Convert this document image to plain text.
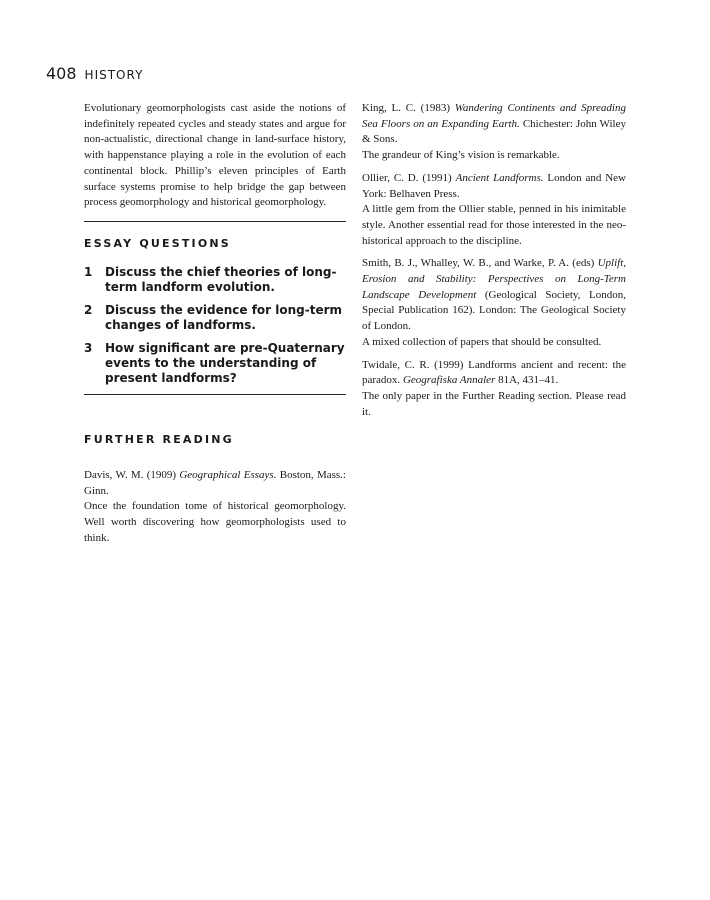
408 HISTORY

Evolutionary geomorphologists cast aside the notions of indefinitely repeated cycles and steady states and argue for non-actualistic, directional change in land-surface history, with happenstance playing a role in the evolution of each continental block. Phillip’s eleven principles of Earth surface systems promise to help bridge the gap between process geomorphology and historical geomorphology.

ESSAY QUESTIONS
1	Discuss the chief theories of long-term landform evolution.
2	Discuss the evidence for long-term changes of landforms.
3	How significant are pre-Quaternary events to the understanding of present landforms?
FURTHER READING

Davis, W. M. (1909) Geographical Essays. Boston, Mass.: Ginn.

Once the foundation tome of historical geomorphology. Well worth discovering how geomorphologists used to think.

King, L. C. (1983) Wandering Continents and Spreading Sea Floors on an Expanding Earth. Chichester: John Wiley & Sons.

The grandeur of King’s vision is remarkable.

Ollier, C. D. (1991) Ancient Landforms. London and New York: Belhaven Press.

A little gem from the Ollier stable, penned in his inimitable style. Another essential read for those interested in the neo-historical approach to the discipline.

Smith, B. J., Whalley, W. B., and Warke, P. A. (eds) Uplift, Erosion and Stability: Perspectives on Long-Term Landscape Development (Geological Society, London, Special Publication 162). London: The Geological Society of London.

A mixed collection of papers that should be consulted.

Twidale, C. R. (1999) Landforms ancient and recent: the paradox. Geografiska Annaler 81A, 431–41.

The only paper in the Further Reading section. Please read it.
